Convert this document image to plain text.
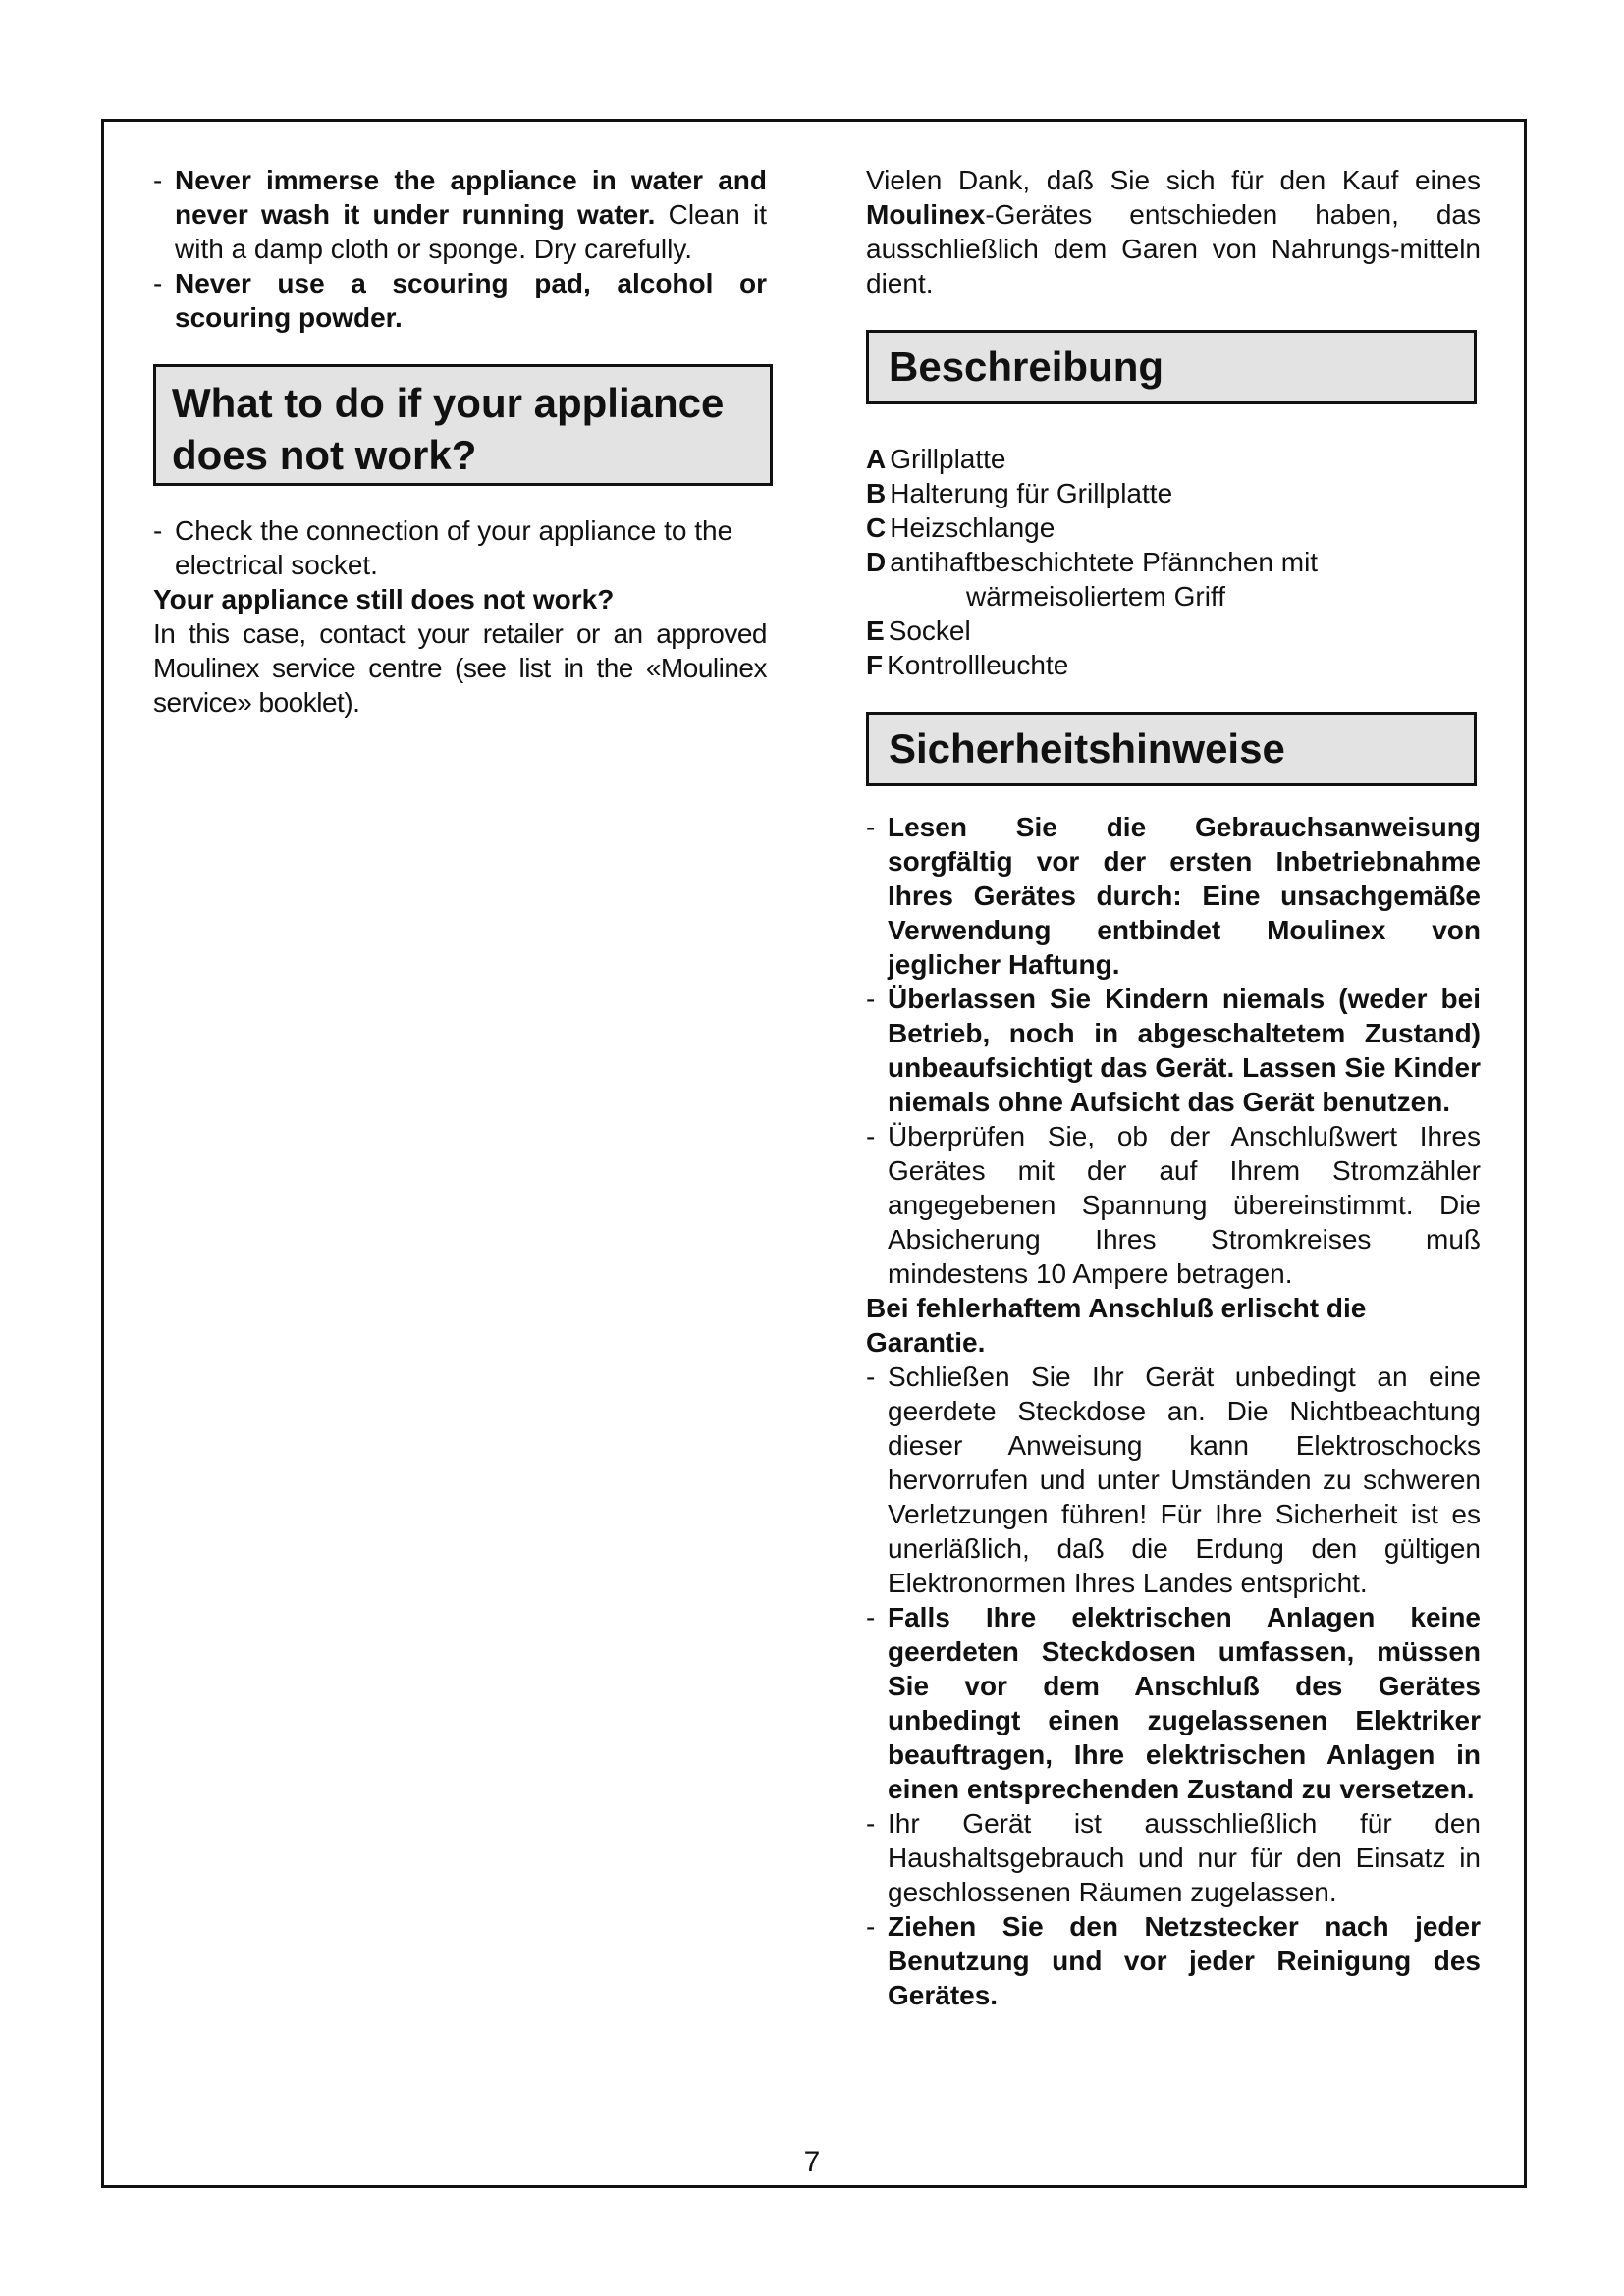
- Never immerse the appliance in water and never wash it under running water. Clean it with a damp cloth or sponge. Dry carefully.

- Never use a scouring pad, alcohol or scouring powder.

What to do if your appliance does not work?

- Check the connection of your appliance to the electrical socket.

Your appliance still does not work?

In this case, contact your retailer or an approved Moulinex service centre (see list in the «Moulinex service» booklet).

Vielen Dank, daß Sie sich für den Kauf eines Moulinex-Gerätes entschieden haben, das ausschließlich dem Garen von Nahrungs-mitteln dient.

Beschreibung
A Grillplatte
B Halterung für Grillplatte
C Heizschlange
D antihaftbeschichtete Pfännchen mit
wärmeisoliertem Griff
E Sockel
F Kontrollleuchte
Sicherheitshinweise

- Lesen Sie die Gebrauchsanweisung sorgfältig vor der ersten Inbetriebnahme Ihres Gerätes durch: Eine unsachgemäße Verwendung entbindet Moulinex von jeglicher Haftung.

- Überlassen Sie Kindern niemals (weder bei Betrieb, noch in abgeschaltetem Zustand) unbeaufsichtigt das Gerät. Lassen Sie Kinder niemals ohne Aufsicht das Gerät benutzen.

- Überprüfen Sie, ob der Anschlußwert Ihres Gerätes mit der auf Ihrem Stromzähler angegebenen Spannung übereinstimmt. Die Absicherung Ihres Stromkreises muß mindestens 10 Ampere betragen.

Bei fehlerhaftem Anschluß erlischt die Garantie.

- Schließen Sie Ihr Gerät unbedingt an eine geerdete Steckdose an. Die Nichtbeachtung dieser Anweisung kann Elektroschocks hervorrufen und unter Umständen zu schweren Verletzungen führen! Für Ihre Sicherheit ist es unerläßlich, daß die Erdung den gültigen Elektronormen Ihres Landes entspricht.

- Falls Ihre elektrischen Anlagen keine geerdeten Steckdosen umfassen, müssen Sie vor dem Anschluß des Gerätes unbedingt einen zugelassenen Elektriker beauftragen, Ihre elektrischen Anlagen in einen entsprechenden Zustand zu versetzen.

- Ihr Gerät ist ausschließlich für den Haushaltsgebrauch und nur für den Einsatz in geschlossenen Räumen zugelassen.

- Ziehen Sie den Netzstecker nach jeder Benutzung und vor jeder Reinigung des Gerätes.

7
